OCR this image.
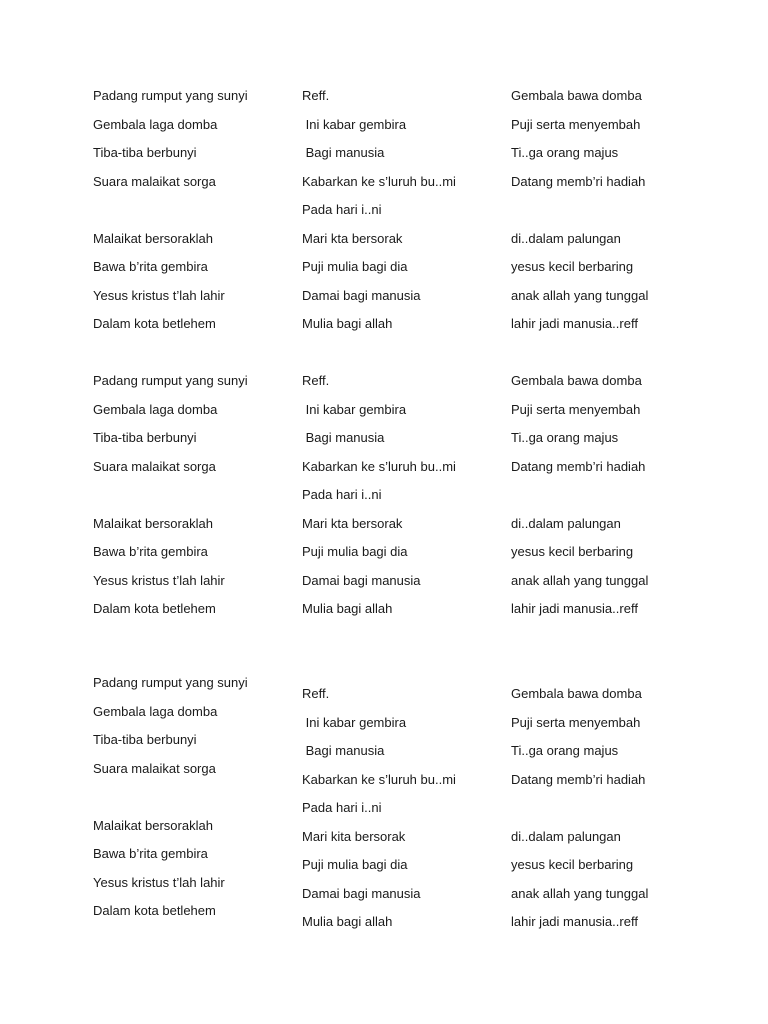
Padang rumput yang sunyi

Gembala laga domba

Tiba-tiba berbunyi

Suara malaikat sorga

Malaikat bersoraklah

Bawa b’rita gembira

Yesus kristus t’lah lahir

Dalam kota betlehem

Reff.

Ini kabar gembira

Bagi manusia

Kabarkan ke s’luruh bu..mi

Pada hari i..ni

Mari kta bersorak

Puji mulia bagi dia

Damai bagi manusia

Mulia bagi allah

Gembala bawa domba

Puji serta menyembah

Ti..ga orang majus

Datang memb’ri hadiah

di..dalam palungan

yesus kecil berbaring

anak allah yang tunggal

lahir jadi manusia..reff

Padang rumput yang sunyi

Gembala laga domba

Tiba-tiba berbunyi

Suara malaikat sorga

Malaikat bersoraklah

Bawa b’rita gembira

Yesus kristus t’lah lahir

Dalam kota betlehem

Reff.

Ini kabar gembira

Bagi manusia

Kabarkan ke s’luruh bu..mi

Pada hari i..ni

Mari kta bersorak

Puji mulia bagi dia

Damai bagi manusia

Mulia bagi allah

Gembala bawa domba

Puji serta menyembah

Ti..ga orang majus

Datang memb’ri hadiah

di..dalam palungan

yesus kecil berbaring

anak allah yang tunggal

lahir jadi manusia..reff

Padang rumput yang sunyi

Gembala laga domba

Tiba-tiba berbunyi

Suara malaikat sorga

Malaikat bersoraklah

Bawa b’rita gembira

Yesus kristus t’lah lahir

Dalam kota betlehem

Reff.

Ini kabar gembira

Bagi manusia

Kabarkan ke s’luruh bu..mi

Pada hari i..ni

Mari kita bersorak

Puji mulia bagi dia

Damai bagi manusia

Mulia bagi allah

Gembala bawa domba

Puji serta menyembah

Ti..ga orang majus

Datang memb’ri hadiah

di..dalam palungan

yesus kecil berbaring

anak allah yang tunggal

lahir jadi manusia..reff
